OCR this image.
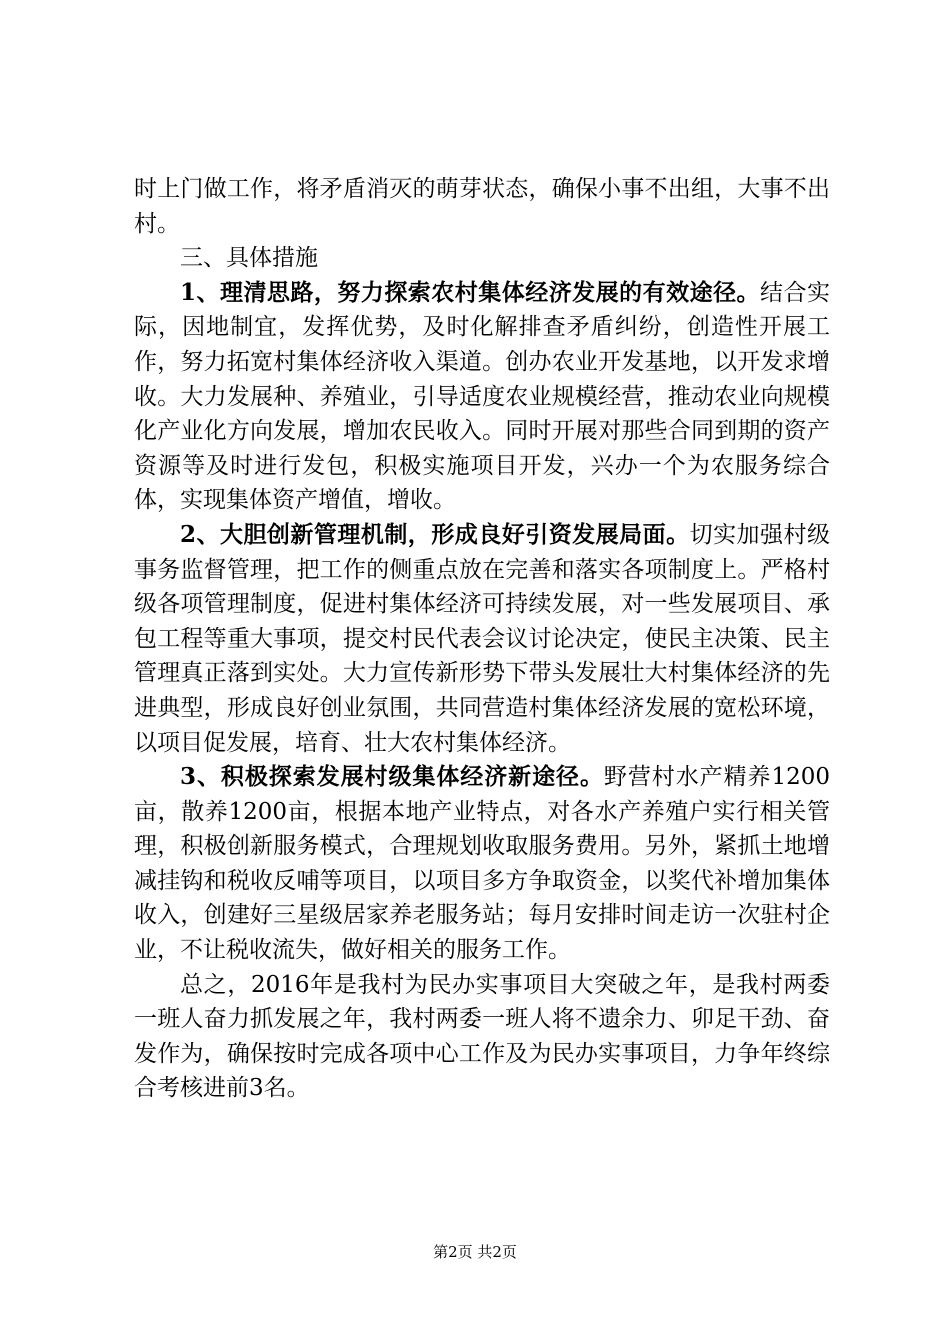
时上门做工作，将矛盾消灭的萌芽状态，确保小事不出组，大事不出村。

三、具体措施

1、理清思路，努力探索农村集体经济发展的有效途径。结合实际，因地制宜，发挥优势，及时化解排查矛盾纠纷，创造性开展工作，努力拓宽村集体经济收入渠道。创办农业开发基地，以开发求增收。大力发展种、养殖业，引导适度农业规模经营，推动农业向规模化产业化方向发展，增加农民收入。同时开展对那些合同到期的资产资源等及时进行发包，积极实施项目开发，兴办一个为农服务综合体，实现集体资产增值，增收。

2、大胆创新管理机制，形成良好引资发展局面。切实加强村级事务监督管理，把工作的侧重点放在完善和落实各项制度上。严格村级各项管理制度，促进村集体经济可持续发展，对一些发展项目、承包工程等重大事项，提交村民代表会议讨论决定，使民主决策、民主管理真正落到实处。大力宣传新形势下带头发展壮大村集体经济的先进典型，形成良好创业氛围，共同营造村集体经济发展的宽松环境，以项目促发展，培育、壮大农村集体经济。

3、积极探索发展村级集体经济新途径。野营村水产精养1200亩，散养1200亩，根据本地产业特点，对各水产养殖户实行相关管理，积极创新服务模式，合理规划收取服务费用。另外，紧抓土地增减挂钩和税收反哺等项目，以项目多方争取资金，以奖代补增加集体收入，创建好三星级居家养老服务站；每月安排时间走访一次驻村企业，不让税收流失，做好相关的服务工作。

总之，2016年是我村为民办实事项目大突破之年，是我村两委一班人奋力抓发展之年，我村两委一班人将不遗余力、卯足干劲、奋发作为，确保按时完成各项中心工作及为民办实事项目，力争年终综合考核进前3名。

第2页 共2页
